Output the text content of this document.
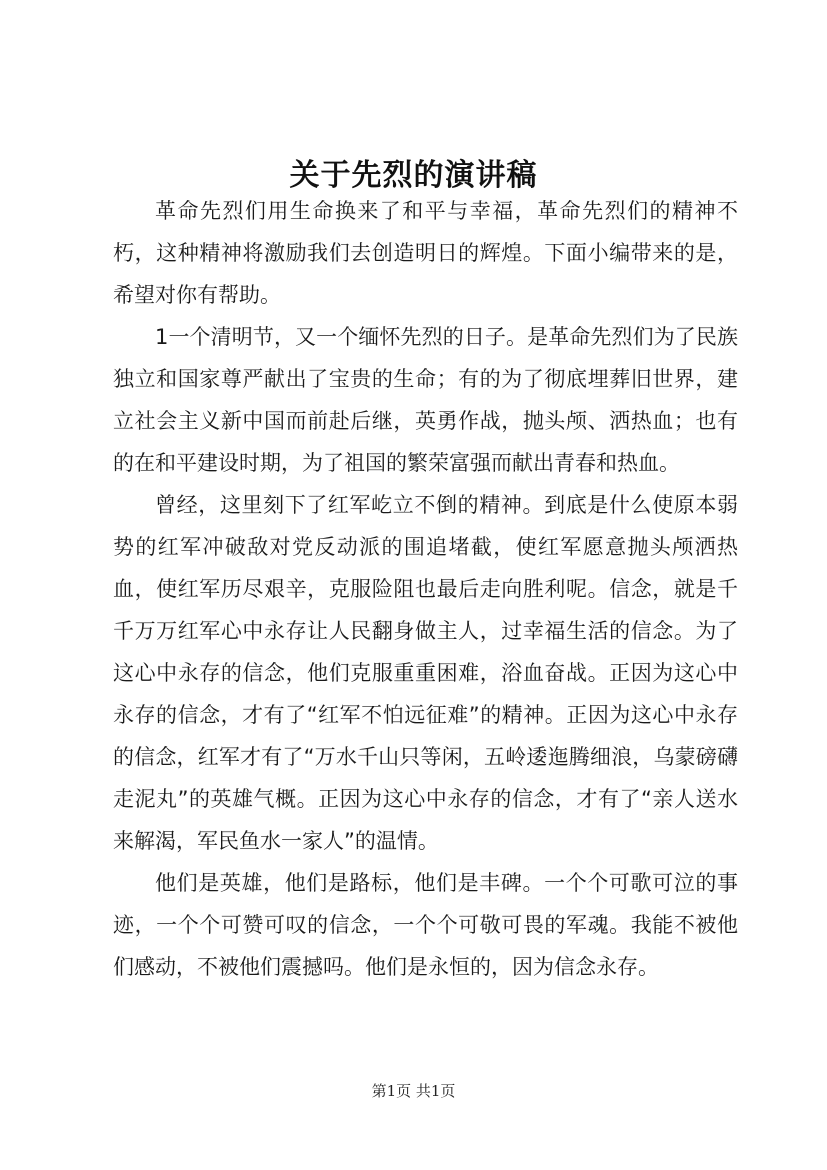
关于先烈的演讲稿

革命先烈们用生命换来了和平与幸福，革命先烈们的精神不朽，这种精神将激励我们去创造明日的辉煌。下面小编带来的是，希望对你有帮助。

1一个清明节，又一个缅怀先烈的日子。是革命先烈们为了民族独立和国家尊严献出了宝贵的生命；有的为了彻底埋葬旧世界，建立社会主义新中国而前赴后继，英勇作战，抛头颅、洒热血；也有的在和平建设时期，为了祖国的繁荣富强而献出青春和热血。

曾经，这里刻下了红军屹立不倒的精神。到底是什么使原本弱势的红军冲破敌对党反动派的围追堵截，使红军愿意抛头颅洒热血，使红军历尽艰辛，克服险阻也最后走向胜利呢。信念，就是千千万万红军心中永存让人民翻身做主人，过幸福生活的信念。为了这心中永存的信念，他们克服重重困难，浴血奋战。正因为这心中永存的信念，才有了“红军不怕远征难”的精神。正因为这心中永存的信念，红军才有了“万水千山只等闲，五岭逶迤腾细浪，乌蒙磅礴走泥丸”的英雄气概。正因为这心中永存的信念，才有了“亲人送水来解渴，军民鱼水一家人”的温情。

他们是英雄，他们是路标，他们是丰碑。一个个可歌可泣的事迹，一个个可赞可叹的信念，一个个可敬可畏的军魂。我能不被他们感动，不被他们震撼吗。他们是永恒的，因为信念永存。

第1页 共1页
